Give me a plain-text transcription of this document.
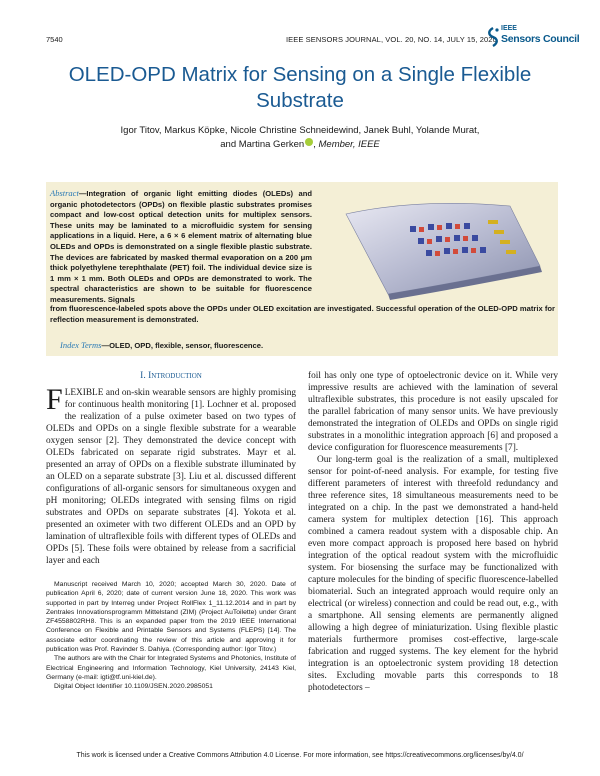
7540	IEEE SENSORS JOURNAL, VOL. 20, NO. 14, JULY 15, 2020
IEEE
Sensors Council
OLED-OPD Matrix for Sensing on a Single Flexible Substrate
Igor Titov, Markus Köpke, Nicole Christine Schneidewind, Janek Buhl, Yolande Murat,
and Martina Gerken , Member, IEEE
Abstract—Integration of organic light emitting diodes (OLEDs) and organic photodetectors (OPDs) on flexible plastic substrates promises compact and low-cost optical detection units for multiplex sensors. These units may be laminated to a microfluidic system for sensing applications in a liquid. Here, a 6 × 6 element matrix of alternating blue OLEDs and OPDs is demonstrated on a single flexible plastic substrate. The devices are fabricated by masked thermal evaporation on a 200 μm thick polyethylene terephthalate (PET) foil. The individual device size is 1 mm × 1 mm. Both OLEDs and OPDs are demonstrated to work. The spectral characteristics are shown to be suitable for fluorescence measurements. Signals
from fluorescence-labeled spots above the OPDs under OLED excitation are investigated. Successful operation of the OLED-OPD matrix for reflection measurement is demonstrated.
Index Terms—OLED, OPD, flexible, sensor, fluorescence.
I. Introduction

FLEXIBLE and on-skin wearable sensors are highly promising for continuous health monitoring [1]. Lochner et al. proposed the realization of a pulse oximeter based on two types of OLEDs and OPDs on a single flexible substrate for a wearable oxygen sensor [2]. They demonstrated the device concept with OLEDs fabricated on separate rigid substrates. Mayr et al. presented an array of OPDs on a flexible substrate illuminated by an OLED on a separate substrate [3]. Liu et al. discussed different configurations of all-organic sensors for simultaneous oxygen and pH monitoring; OLEDs integrated with sensing films on rigid substrates and OPDs on separate substrates [4]. Yokota et al. presented an oximeter with two different OLEDs and an OPD by lamination of ultraflexible foils with different types of OLEDs and OPDs [5]. These foils were obtained by release from a sacrificial layer and each

Manuscript received March 10, 2020; accepted March 30, 2020. Date of publication April 6, 2020; date of current version June 18, 2020. This work was supported in part by Interreg under Project RollFlex 1_11.12.2014 and in part by Zentrales Innovationsprogramm Mittelstand (ZIM) (Project AuToilette) under Grant ZF4558802RH8. This is an expanded paper from the 2019 IEEE International Conference on Flexible and Printable Sensors and Systems (FLEPS) [14]. The associate editor coordinating the review of this article and approving it for publication was Prof. Ravinder S. Dahiya. (Corresponding author: Igor Titov.)

The authors are with the Chair for Integrated Systems and Photonics, Institute of Electrical Engineering and Information Technology, Kiel University, 24143 Kiel, Germany (e-mail: igti@tf.uni-kiel.de).

Digital Object Identifier 10.1109/JSEN.2020.2985051

foil has only one type of optoelectronic device on it. While very impressive results are achieved with the lamination of several ultraflexible substrates, this procedure is not easily upscaled for the parallel fabrication of many sensor units. We have previously demonstrated the integration of OLEDs and OPDs on single rigid substrates in a monolithic integration approach [6] and proposed a device configuration for fluorescence measurements [7].

Our long-term goal is the realization of a small, multiplexed sensor for point-of-need analysis. For example, for testing five different parameters of interest with threefold redundancy and three reference sites, 18 simultaneous measurements need to be integrated on a chip. In the past we demonstrated a hand-held camera system for multiplex detection [16]. This approach combined a camera readout system with a disposable chip. An even more compact approach is proposed here based on hybrid integration of the optical readout system with the microfluidic system. For biosensing the surface may be functionalized with capture molecules for the binding of specific fluorescence-labelled biomaterial. Such an integrated approach would require only an electrical (or wireless) connection and could be read out, e.g., with a smartphone. All sensing elements are permanently aligned allowing a high degree of miniaturization. Using flexible plastic materials furthermore promises cost-effective, large-scale fabrication and rugged systems. The key element for the hybrid integration is an optoelectronic system providing 18 detection sites. Excluding movable parts this corresponds to 18 photodetectors –

This work is licensed under a Creative Commons Attribution 4.0 License. For more information, see https://creativecommons.org/licenses/by/4.0/
